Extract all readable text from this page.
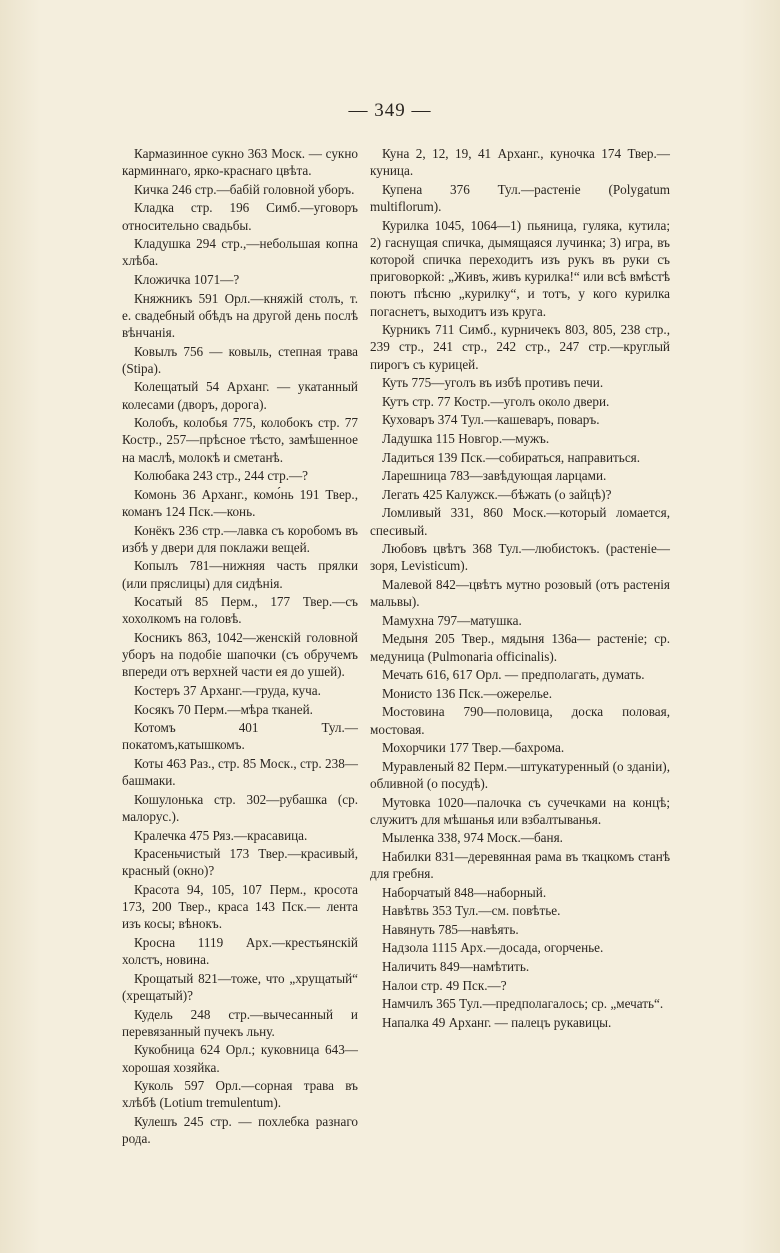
— 349 —

Кармазинное сукно 363 Моск. — сукно карминнаго, ярко-краснаго цвѣта.

Кичка 246 стр.—бабій головной уборъ.

Кладка стр. 196 Симб.—уговоръ относительно свадьбы.

Кладушка 294 стр.,—небольшая копна хлѣба.

Кложичка 1071—?

Княжникъ 591 Орл.—княжій столъ, т. е. свадебный обѣдъ на другой день послѣ вѣнчанія.

Ковылъ 756 — ковыль, степная трава (Stipa).

Колещатый 54 Арханг. — укатанный колесами (дворъ, дорога).

Колобъ, колобья 775, колобокъ стр. 77 Костр., 257—прѣсное тѣсто, замѣшенное на маслѣ, молокѣ и сметанѣ.

Колюбака 243 стр., 244 стр.—?

Комонь 36 Арханг., комо́нь 191 Твер., команъ 124 Пск.—конь.

Конёкъ 236 стр.—лавка съ коробомъ въ избѣ у двери для поклажи вещей.

Копылъ 781—нижняя часть прялки (или пряслицы) для сидѣнія.

Косатый 85 Перм., 177 Твер.—съ хохолкомъ на головѣ.

Косникъ 863, 1042—женскій головной уборъ на подобіе шапочки (съ обручемъ впереди отъ верхней части ея до ушей).

Костеръ 37 Арханг.—груда, куча.

Косякъ 70 Перм.—мѣра тканей.

Котомъ 401 Тул.—покатомъ,катышкомъ.

Коты 463 Раз., стр. 85 Моск., стр. 238—башмаки.

Кошулонька стр. 302—рубашка (ср. малорус.).

Кралечка 475 Ряз.—красавица.

Красеньчистый 173 Твер.—красивый, красный (окно)?

Красота 94, 105, 107 Перм., кросота 173, 200 Твер., краса 143 Пск.— лента изъ косы; вѣнокъ.

Кросна 1119 Арх.—крестьянскій холстъ, новина.

Крощатый 821—тоже, что „хрущатый“ (хрещатый)?

Кудель 248 стр.—вычесанный и перевязанный пучекъ льну.

Кукобница 624 Орл.; куковница 643—хорошая хозяйка.

Куколь 597 Орл.—сорная трава въ хлѣбѣ (Lotium tremulentum).

Кулешъ 245 стр. — похлебка разнаго рода.

Куна 2, 12, 19, 41 Арханг., куночка 174 Твер.—куница.

Купена 376 Тул.—растеніе (Polygatum multiflorum).

Курилка 1045, 1064—1) пьяница, гуляка, кутила; 2) гаснущая спичка, дымящаяся лучинка; 3) игра, въ которой спичка переходитъ изъ рукъ въ руки съ приговоркой: „Живъ, живъ курилка!“ или всѣ вмѣстѣ поютъ пѣсню „курилку“, и тотъ, у кого курилка погаснетъ, выходитъ изъ круга.

Курникъ 711 Симб., курничекъ 803, 805, 238 стр., 239 стр., 241 стр., 242 стр., 247 стр.—круглый пирогъ съ курицей.

Куть 775—уголъ въ избѣ противъ печи.

Кутъ стр. 77 Костр.—уголъ около двери.

Куховаръ 374 Тул.—кашеваръ, поваръ.

Ладушка 115 Новгор.—мужъ.

Ладиться 139 Пск.—собираться, направиться.

Ларешница 783—завѣдующая ларцами.

Легать 425 Калужск.—бѣжать (о зайцѣ)?

Ломливый 331, 860 Моск.—который ломается, спесивый.

Любовъ цвѣтъ 368 Тул.—любистокъ. (растеніе—зоря, Levisticum).

Малевой 842—цвѣтъ мутно розовый (отъ растенія мальвы).

Мамухна 797—матушка.

Медыня 205 Твер., мядыня 136а— растеніе; ср. медуница (Pulmonaria officinalis).

Мечать 616, 617 Орл. — предполагать, думать.

Монисто 136 Пск.—ожерелье.

Мостовина 790—половица, доска половая, мостовая.

Мохорчики 177 Твер.—бахрома.

Муравленый 82 Перм.—штукатуренный (о зданіи), обливной (о посудѣ).

Мутовка 1020—палочка съ сучечками на концѣ; служитъ для мѣшанья или взбалтыванья.

Мыленка 338, 974 Моск.—баня.

Набилки 831—деревянная рама въ ткацкомъ станѣ для гребня.

Наборчатый 848—наборный.

Навѣтвь 353 Тул.—см. повѣтье.

Навянуть 785—навѣять.

Надзола 1115 Арх.—досада, огорченье.

Наличить 849—намѣтить.

Налои стр. 49 Пск.—?

Намчилъ 365 Тул.—предполагалось; ср. „мечать“.

Напалка 49 Арханг. — палецъ рукавицы.
